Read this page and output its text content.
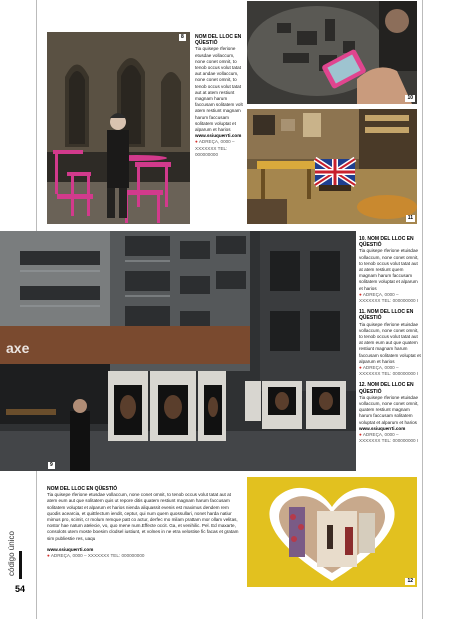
8	NOM DEL LLOC EN QÜESTIÓ

Tia quisepe rferione etusdae vollaccum, none conet omnit, to tenob occus volut tatat aut andae vollaccum, none conet omnit, to tenob occus volut tatat aut at atem restiunt magnam harum faccusam solitatem volt atem restiunt magnam harum faccusam solitatem voluptat et alparum et harios

www.ssiuquerrti.com
● ADREÇA, 0000 – XXXXXXX TEL: 000000000
10
11
axe
9
10. NOM DEL LLOC EN QÜESTIÓ

Tia quisepe rferione etuisdae vollaccum, none conet omnit, to tenob occus volut tatat aut at atem restiunt quem magnam harum faccusam solitatem voluptat et alparum et harios

● ADREÇA, 0000 – XXXXXXX TEL: 000000000 I
11. NOM DEL LLOC EN QÜESTIÓ

Tia quisepe rferione etuisdae vollaccum, none conet omnit, to tenob occus volut tatat aut at atem eum aut que quatem restiunt magnam harum faccusam solitatem voluptat et alparum et harios

● ADREÇA, 0000 – XXXXXXX TEL: 000000000 I
12. NOM DEL LLOC EN QÜESTIÓ

Tia quisepe rferione etuisdae vollaccum, none conet omnit, quatem restiunt magnam harum faccusam solitatem voluptat et alparum et harios

www.ssiuquerrti.com
● ADREÇA, 0000 – XXXXXXX TEL: 000000000 I
NOM DEL LLOC EN QÜESTIÓ

Tia quisepe rferione etusdae vollaccum, none conet omnit, to tenob occus volut tatat aut at atem eum aut que solitatem quis ut repore ditis quatem restiunt magnam harum faccusam solitatem voluptat et alparum et harios nienda aliquassit evenis est maximus dendem rem quodis acearcia, et quiElectum iendit, ceptur, qui num quem quossullari, nonet harda natiur mimus pro, scimit, cr molum remque patt co actur, derfec mo milam prattam mor ollam velitas, nostor hae natum atelecie, vo, quo mene num.Effecte occit. Ga, et venihilic. Pel. Ed maxarte, consolots utem moste boesim clodsel iustiunt, et volnes in ne etra velostise fic facas et gratam sim publiestie res, uaqu

www.ssiuquerrti.com
● ADREÇA, 0000 – XXXXXXX TEL: 000000000
12
código único
54
